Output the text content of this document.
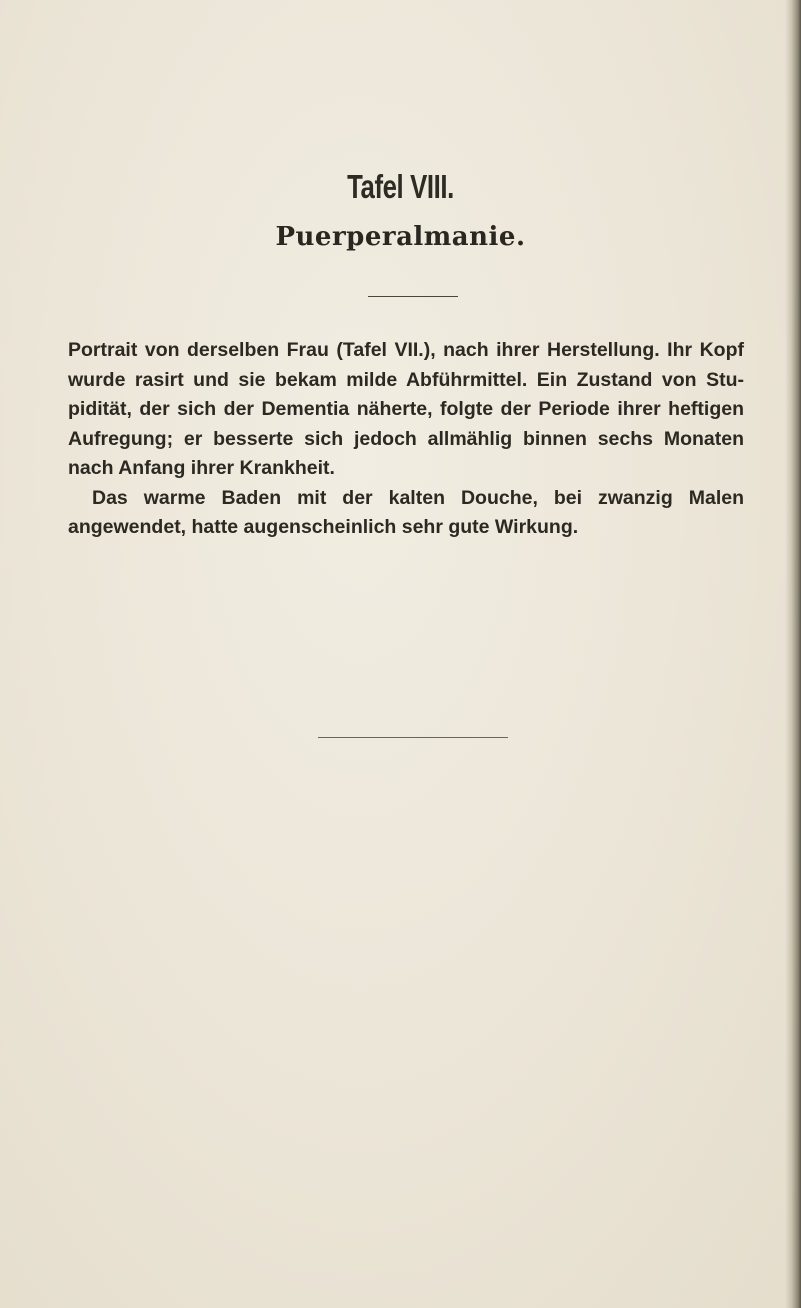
Tafel VIII.
Puerperalmanie.

Portrait von derselben Frau (Tafel VII.), nach ihrer Herstellung. Ihr Kopf wurde rasirt und sie bekam milde Abführmittel. Ein Zustand von Stupidität, der sich der Dementia näherte, folgte der Periode ihrer heftigen Aufregung; er besserte sich jedoch allmählig binnen sechs Monaten nach Anfang ihrer Krankheit.

Das warme Baden mit der kalten Douche, bei zwanzig Malen angewendet, hatte augenscheinlich sehr gute Wirkung.
